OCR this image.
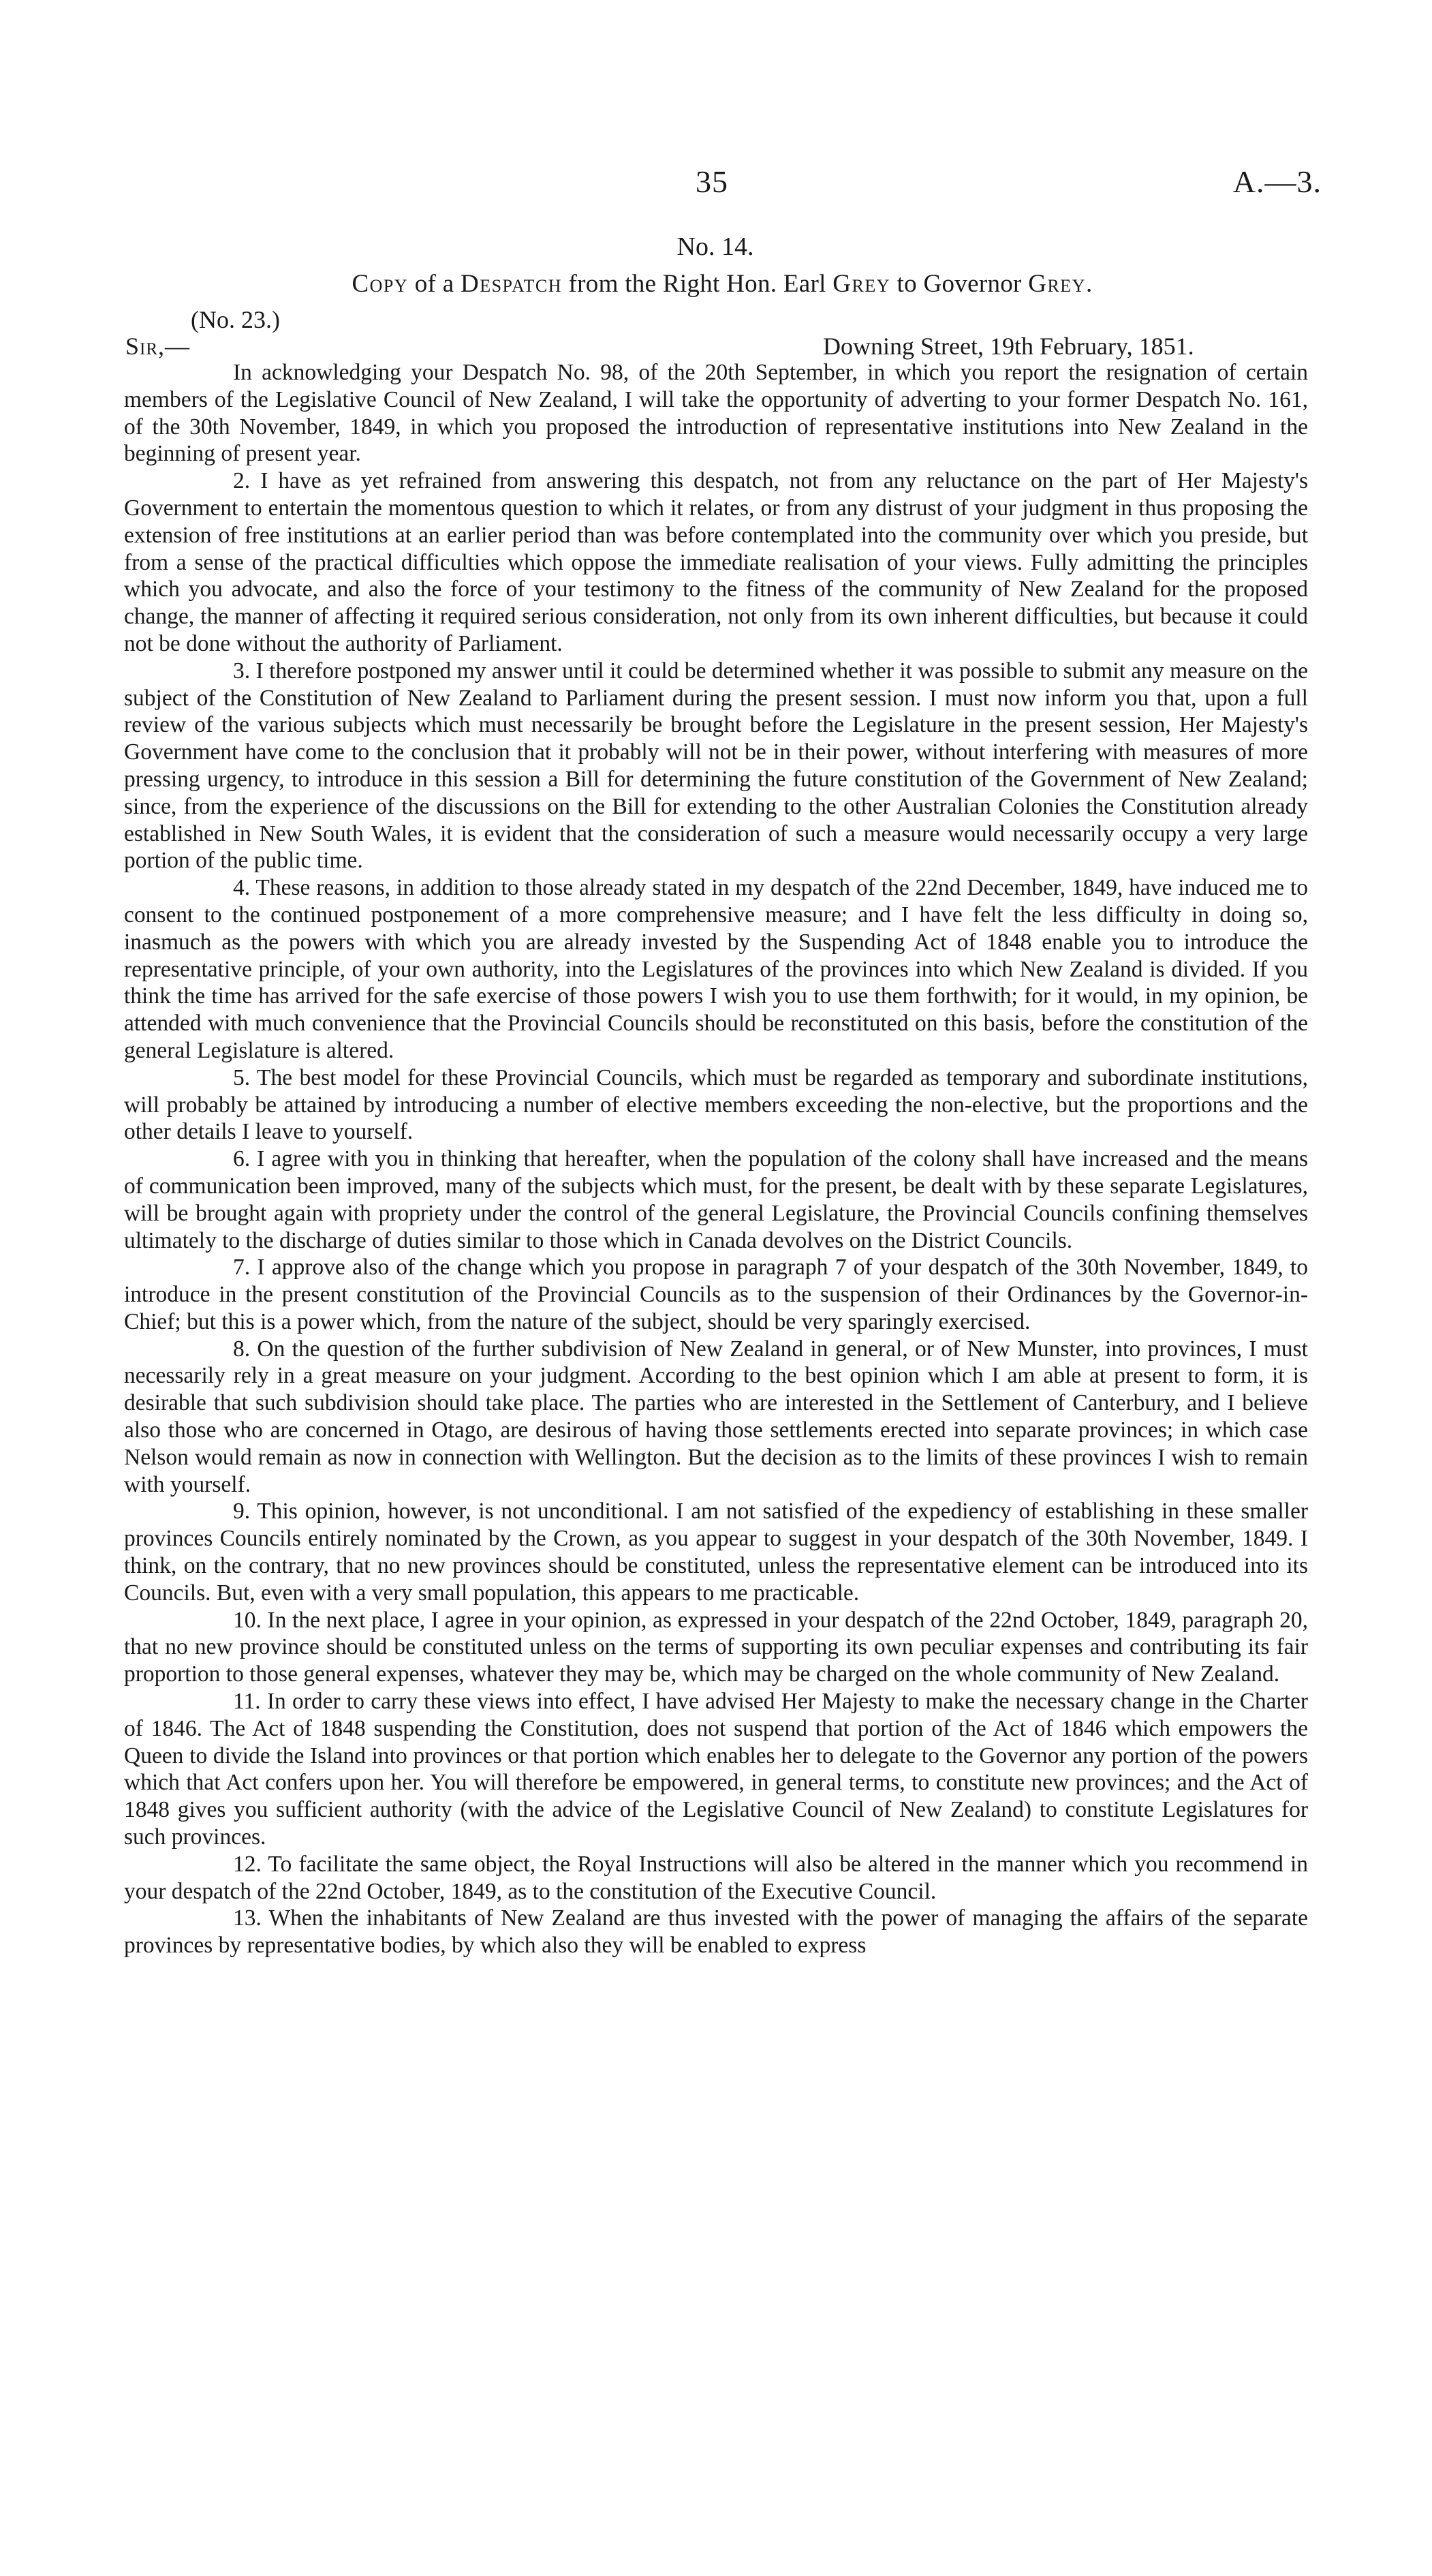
35	A.—3.
No. 14.
Copy of a Despatch from the Right Hon. Earl Grey to Governor Grey.
(No. 23.)
Sir,—	Downing Street, 19th February, 1851.

In acknowledging your Despatch No. 98, of the 20th September, in which you report the resignation of certain members of the Legislative Council of New Zealand, I will take the opportunity of adverting to your former Despatch No. 161, of the 30th November, 1849, in which you proposed the introduction of representative institutions into New Zealand in the beginning of present year.

2. I have as yet refrained from answering this despatch, not from any reluctance on the part of Her Majesty's Government to entertain the momentous question to which it relates, or from any distrust of your judgment in thus proposing the extension of free institutions at an earlier period than was before contemplated into the community over which you preside, but from a sense of the practical difficulties which oppose the immediate realisation of your views. Fully admitting the principles which you advocate, and also the force of your testimony to the fitness of the community of New Zealand for the proposed change, the manner of affecting it required serious consideration, not only from its own inherent difficulties, but because it could not be done without the authority of Parliament.

3. I therefore postponed my answer until it could be determined whether it was possible to submit any measure on the subject of the Constitution of New Zealand to Parliament during the present session. I must now inform you that, upon a full review of the various subjects which must necessarily be brought before the Legislature in the present session, Her Majesty's Government have come to the conclusion that it probably will not be in their power, without interfering with measures of more pressing urgency, to introduce in this session a Bill for determining the future constitution of the Government of New Zealand; since, from the experience of the discussions on the Bill for extending to the other Australian Colonies the Constitution already established in New South Wales, it is evident that the consideration of such a measure would necessarily occupy a very large portion of the public time.

4. These reasons, in addition to those already stated in my despatch of the 22nd December, 1849, have induced me to consent to the continued postponement of a more comprehensive measure; and I have felt the less difficulty in doing so, inasmuch as the powers with which you are already invested by the Suspending Act of 1848 enable you to introduce the representative principle, of your own authority, into the Legislatures of the provinces into which New Zealand is divided. If you think the time has arrived for the safe exercise of those powers I wish you to use them forthwith; for it would, in my opinion, be attended with much convenience that the Provincial Councils should be reconstituted on this basis, before the constitution of the general Legislature is altered.

5. The best model for these Provincial Councils, which must be regarded as temporary and subordinate institutions, will probably be attained by introducing a number of elective members exceeding the non-elective, but the proportions and the other details I leave to yourself.

6. I agree with you in thinking that hereafter, when the population of the colony shall have increased and the means of communication been improved, many of the subjects which must, for the present, be dealt with by these separate Legislatures, will be brought again with propriety under the control of the general Legislature, the Provincial Councils confining themselves ultimately to the discharge of duties similar to those which in Canada devolves on the District Councils.

7. I approve also of the change which you propose in paragraph 7 of your despatch of the 30th November, 1849, to introduce in the present constitution of the Provincial Councils as to the suspension of their Ordinances by the Governor-in-Chief; but this is a power which, from the nature of the subject, should be very sparingly exercised.

8. On the question of the further subdivision of New Zealand in general, or of New Munster, into provinces, I must necessarily rely in a great measure on your judgment. According to the best opinion which I am able at present to form, it is desirable that such subdivision should take place. The parties who are interested in the Settlement of Canterbury, and I believe also those who are concerned in Otago, are desirous of having those settlements erected into separate provinces; in which case Nelson would remain as now in connection with Wellington. But the decision as to the limits of these provinces I wish to remain with yourself.

9. This opinion, however, is not unconditional. I am not satisfied of the expediency of establishing in these smaller provinces Councils entirely nominated by the Crown, as you appear to suggest in your despatch of the 30th November, 1849. I think, on the contrary, that no new provinces should be constituted, unless the representative element can be introduced into its Councils. But, even with a very small population, this appears to me practicable.

10. In the next place, I agree in your opinion, as expressed in your despatch of the 22nd October, 1849, paragraph 20, that no new province should be constituted unless on the terms of supporting its own peculiar expenses and contributing its fair proportion to those general expenses, whatever they may be, which may be charged on the whole community of New Zealand.

11. In order to carry these views into effect, I have advised Her Majesty to make the necessary change in the Charter of 1846. The Act of 1848 suspending the Constitution, does not suspend that portion of the Act of 1846 which empowers the Queen to divide the Island into provinces or that portion which enables her to delegate to the Governor any portion of the powers which that Act confers upon her. You will therefore be empowered, in general terms, to constitute new provinces; and the Act of 1848 gives you sufficient authority (with the advice of the Legislative Council of New Zealand) to constitute Legislatures for such provinces.

12. To facilitate the same object, the Royal Instructions will also be altered in the manner which you recommend in your despatch of the 22nd October, 1849, as to the constitution of the Executive Council.

13. When the inhabitants of New Zealand are thus invested with the power of managing the affairs of the separate provinces by representative bodies, by which also they will be enabled to express
